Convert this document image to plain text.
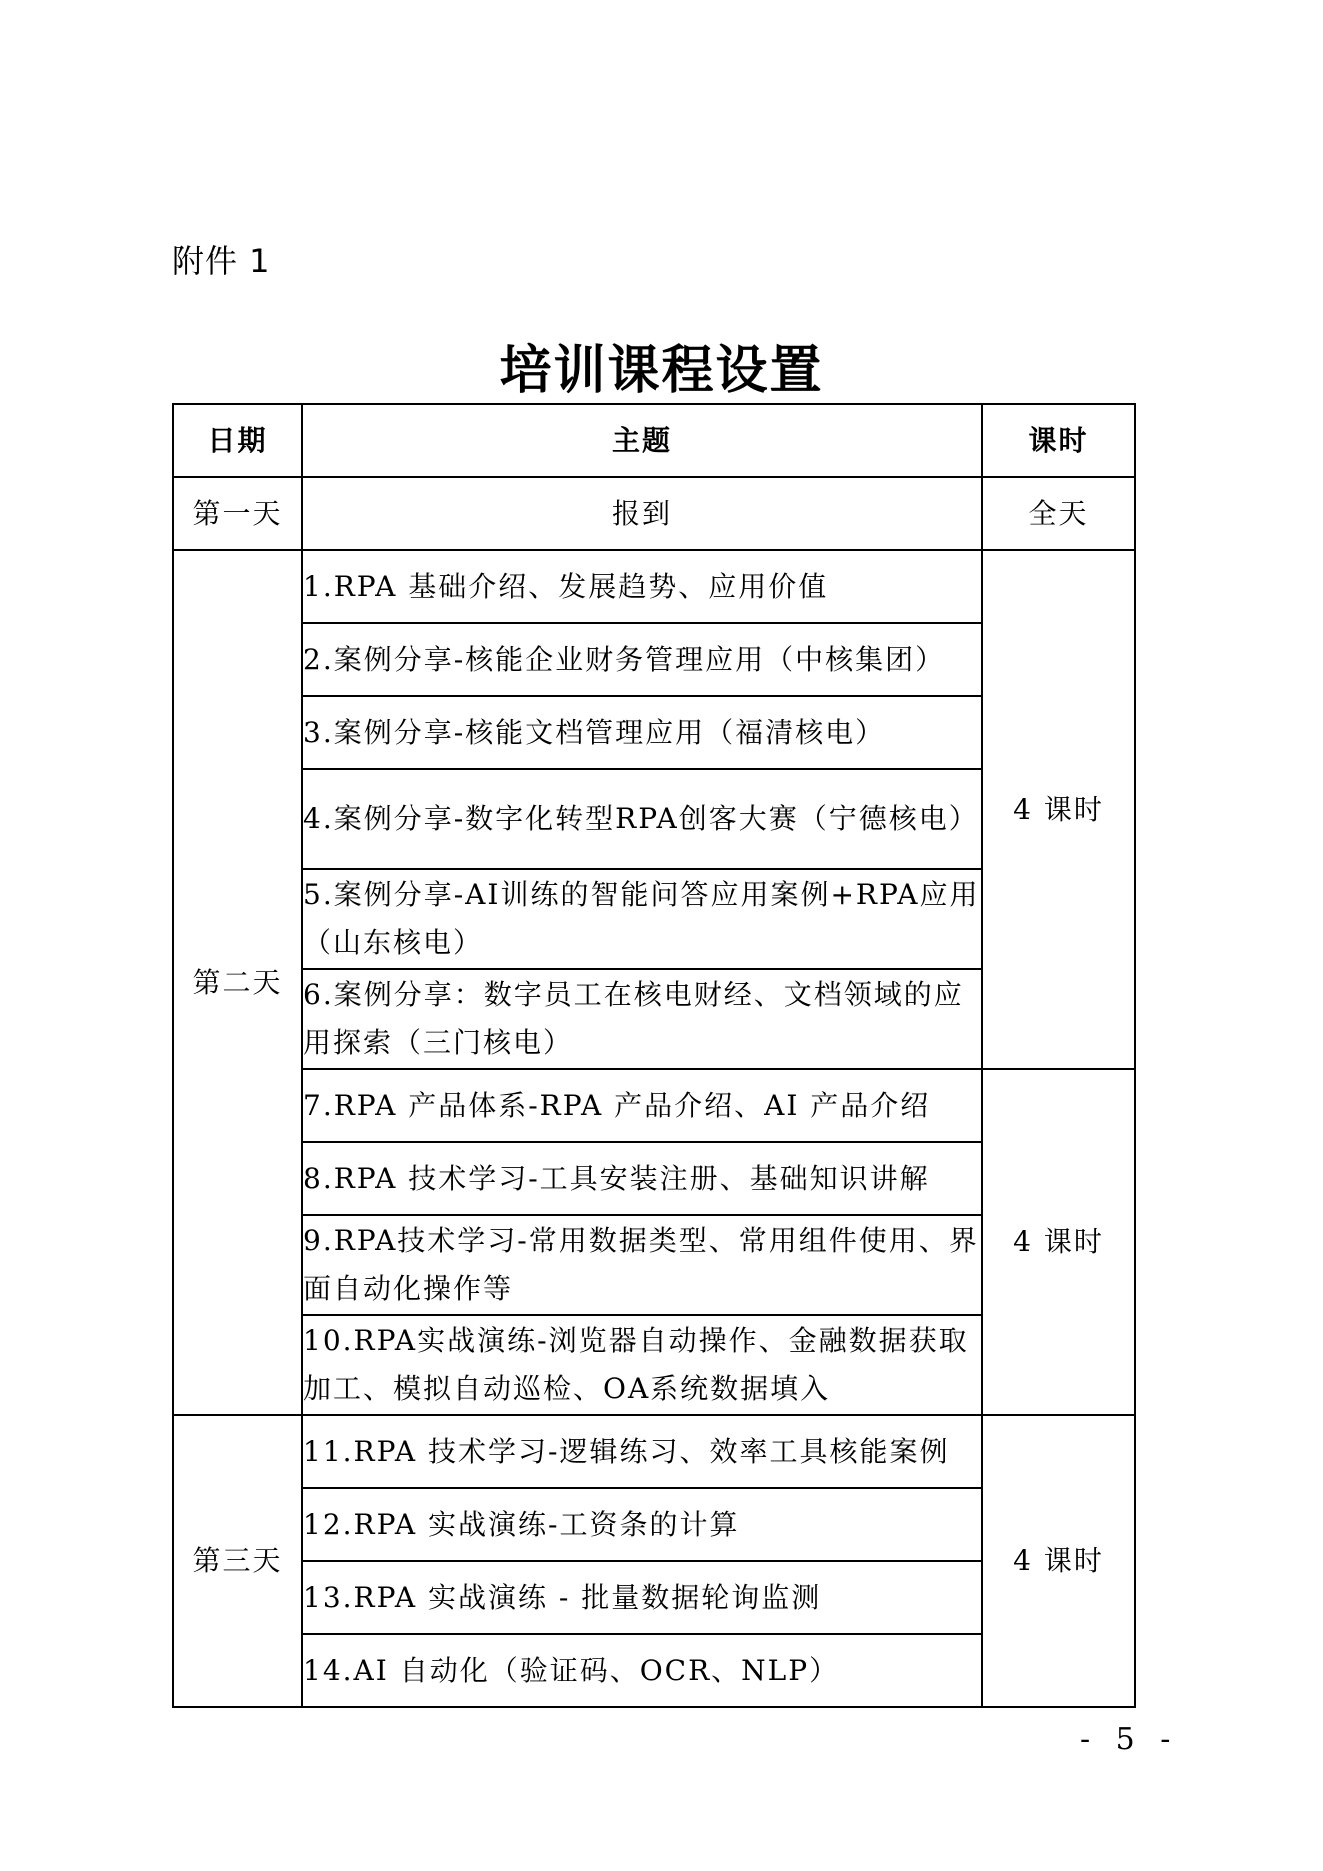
附件 1
培训课程设置
日期	主题	课时
第一天	报到	全天
第二天	1.RPA 基础介绍、发展趋势、应用价值	4 课时
	2.案例分享-核能企业财务管理应用（中核集团）	
	3.案例分享-核能文档管理应用（福清核电）	
	4.案例分享-数字化转型RPA创客大赛（宁德核电）	
	5.案例分享-AI训练的智能问答应用案例+RPA应用（山东核电）	
	6.案例分享：数字员工在核电财经、文档领域的应用探索（三门核电）	
	7.RPA 产品体系-RPA 产品介绍、AI 产品介绍	4 课时
	8.RPA 技术学习-工具安装注册、基础知识讲解	
	9.RPA技术学习-常用数据类型、常用组件使用、界面自动化操作等	
	10.RPA实战演练-浏览器自动操作、金融数据获取加工、模拟自动巡检、OA系统数据填入	
第三天	11.RPA 技术学习-逻辑练习、效率工具核能案例	4 课时
	12.RPA 实战演练-工资条的计算	
	13.RPA 实战演练 - 批量数据轮询监测	
	14.AI 自动化（验证码、OCR、NLP）	
- 5 -
